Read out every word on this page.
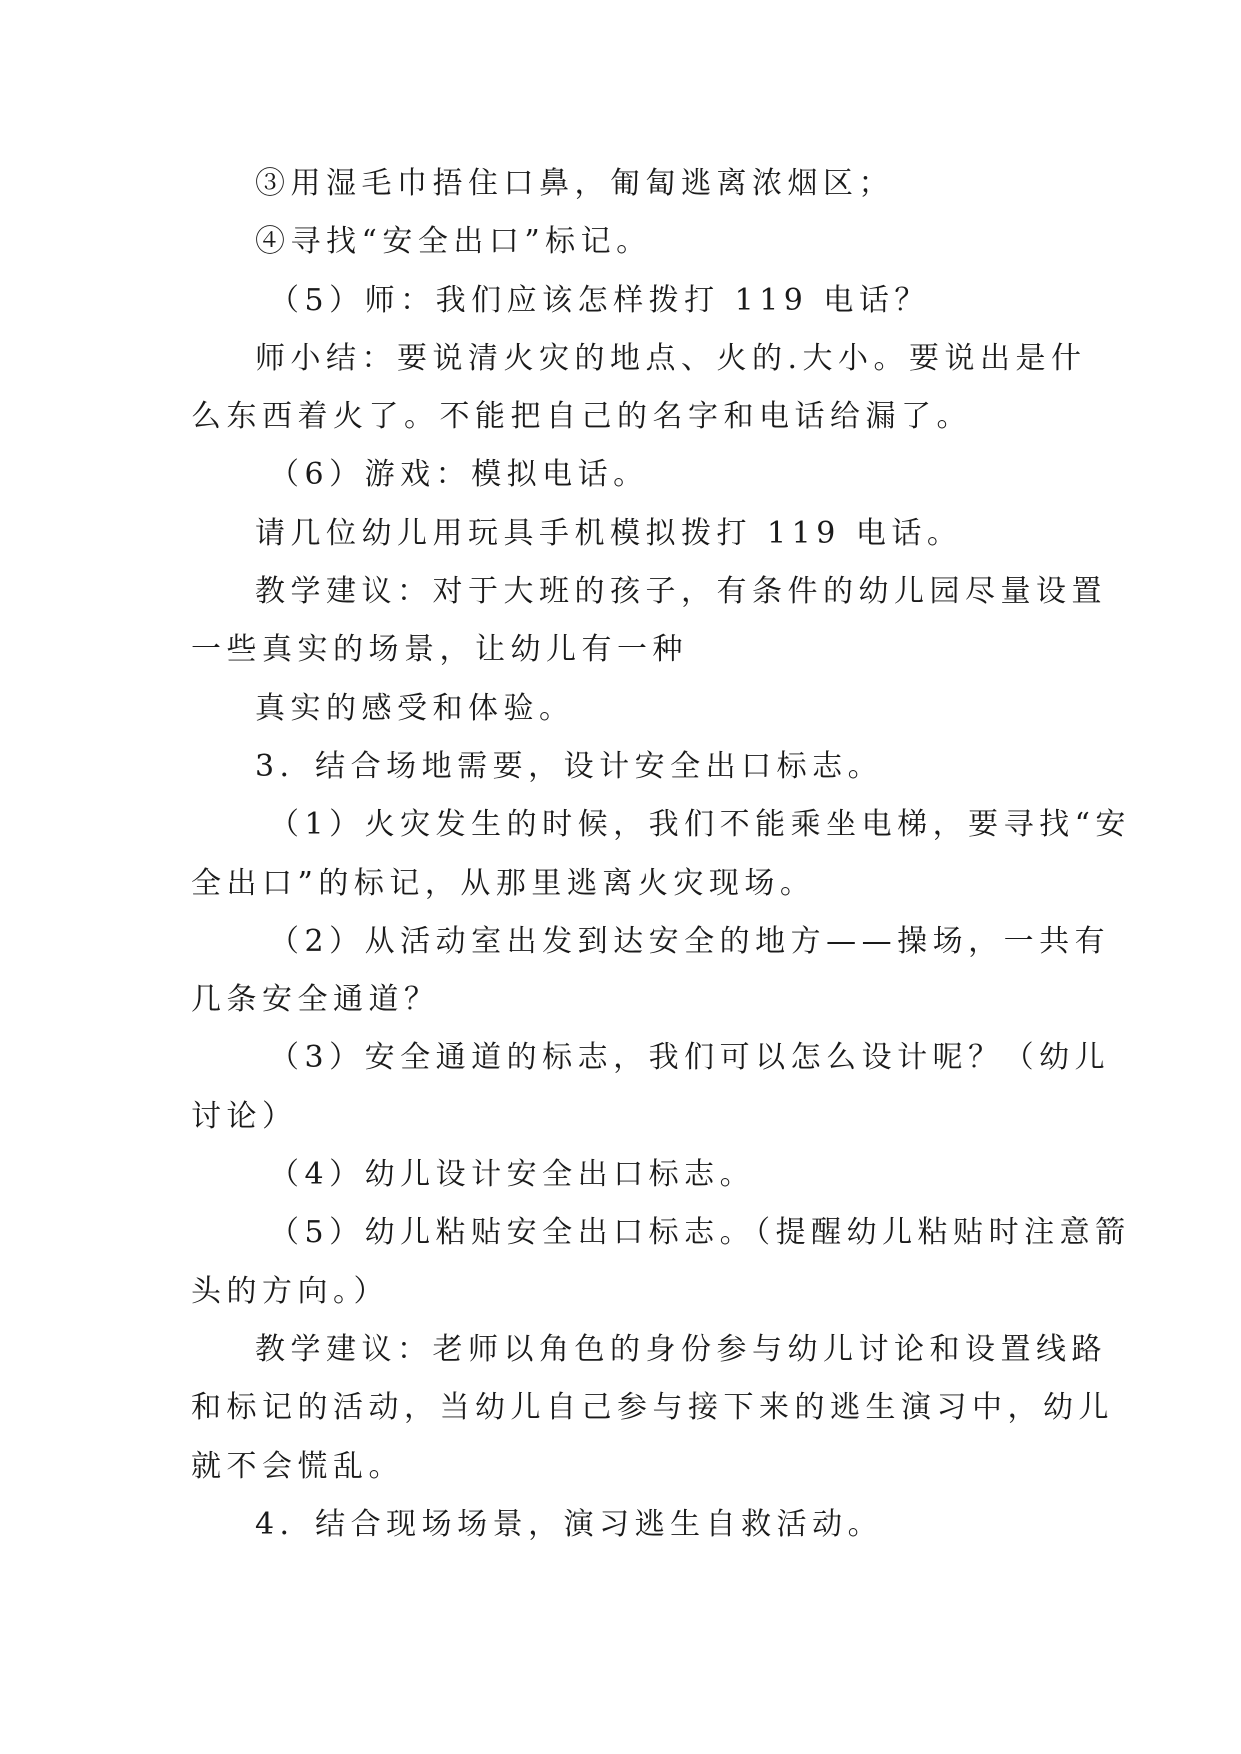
③用湿毛巾捂住口鼻，匍匐逃离浓烟区；
④寻找“安全出口”标记。
（5）师：我们应该怎样拨打 119 电话？
师小结：要说清火灾的地点、火的.大小。要说出是什
么东西着火了。不能把自己的名字和电话给漏了。
（6）游戏：模拟电话。
请几位幼儿用玩具手机模拟拨打 119 电话。
教学建议：对于大班的孩子，有条件的幼儿园尽量设置
一些真实的场景，让幼儿有一种
真实的感受和体验。
3．结合场地需要，设计安全出口标志。
（1）火灾发生的时候，我们不能乘坐电梯，要寻找“安
全出口”的标记，从那里逃离火灾现场。
（2）从活动室出发到达安全的地方——操场，一共有
几条安全通道？
（3）安全通道的标志，我们可以怎么设计呢？（幼儿
讨论）
（4）幼儿设计安全出口标志。
（5）幼儿粘贴安全出口标志。（提醒幼儿粘贴时注意箭
头的方向。）
教学建议：老师以角色的身份参与幼儿讨论和设置线路
和标记的活动，当幼儿自己参与接下来的逃生演习中，幼儿
就不会慌乱。
4．结合现场场景，演习逃生自救活动。
